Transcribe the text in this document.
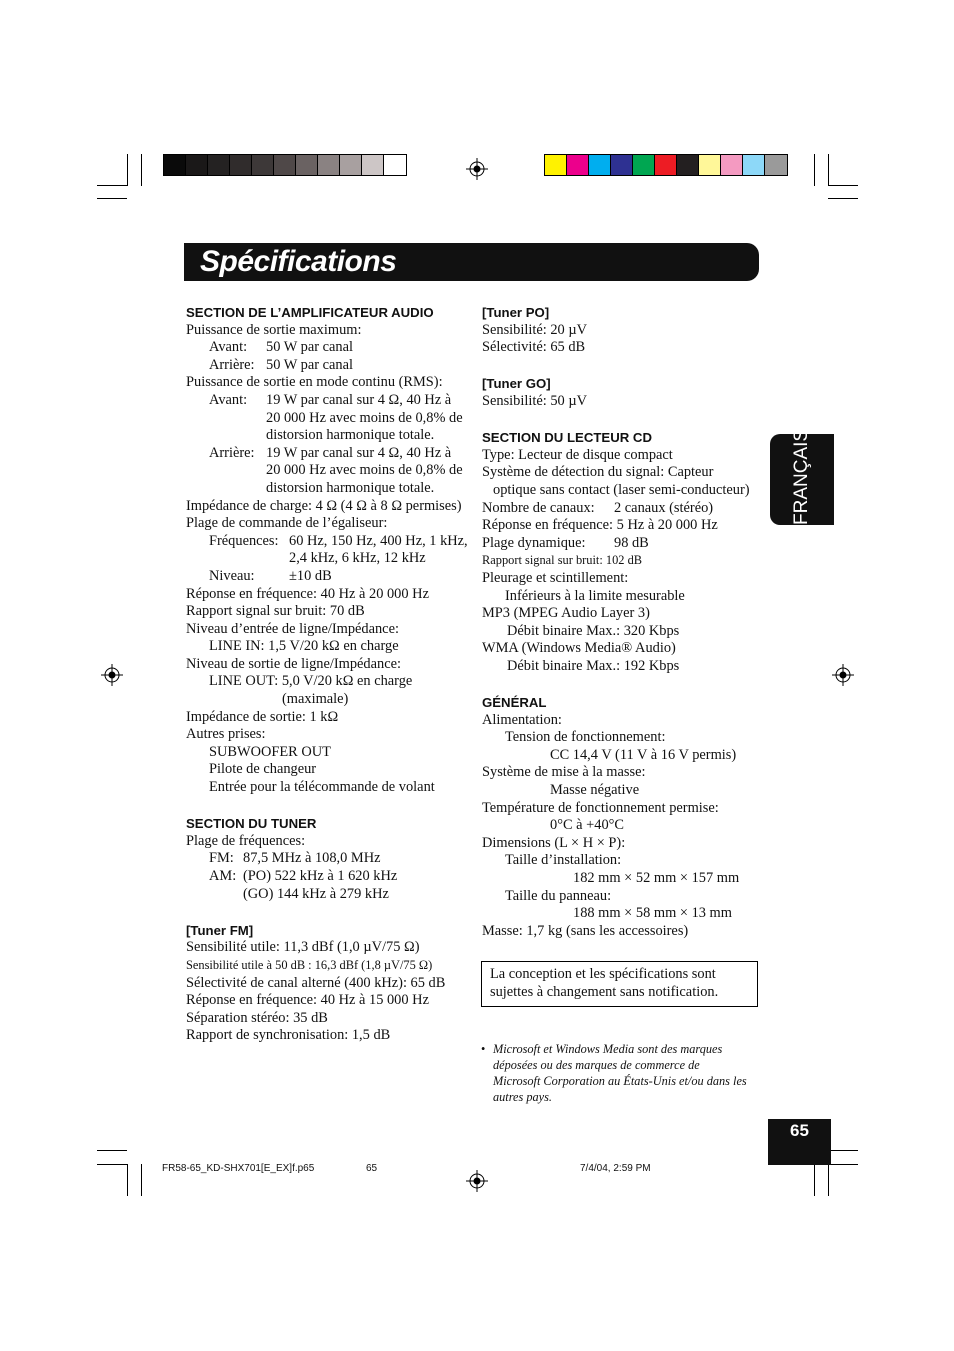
Spécifications
SECTION DE L’AMPLIFICATEUR AUDIO
Puissance de sortie maximum:
Avant: 50 W par canal
Arrière: 50 W par canal
Puissance de sortie en mode continu (RMS):
Avant: 19 W par canal sur 4 Ω, 40 Hz à
20 000 Hz avec moins de 0,8% de
distorsion harmonique totale.
Arrière: 19 W par canal sur 4 Ω, 40 Hz à
20 000 Hz avec moins de 0,8% de
distorsion harmonique totale.
Impédance de charge: 4 Ω (4 Ω à 8 Ω permises)
Plage de commande de l’égaliseur:
Fréquences: 60 Hz, 150 Hz, 400 Hz, 1 kHz,
2,4 kHz, 6 kHz, 12 kHz
Niveau: ±10 dB
Réponse en fréquence: 40 Hz à 20 000 Hz
Rapport signal sur bruit: 70 dB
Niveau d’entrée de ligne/Impédance:
LINE IN: 1,5 V/20 kΩ en charge
Niveau de sortie de ligne/Impédance:
LINE OUT: 5,0 V/20 kΩ en charge
(maximale)
Impédance de sortie: 1 kΩ
Autres prises:
SUBWOOFER OUT
Pilote de changeur
Entrée pour la télécommande de volant
SECTION DU TUNER
Plage de fréquences:
FM: 87,5 MHz à 108,0 MHz
AM: (PO) 522 kHz à 1 620 kHz
(GO) 144 kHz à 279 kHz
[Tuner FM]
Sensibilité utile: 11,3 dBf (1,0 µV/75 Ω)
Sensibilité utile à 50 dB : 16,3 dBf (1,8 µV/75 Ω)
Sélectivité de canal alterné (400 kHz): 65 dB
Réponse en fréquence: 40 Hz à 15 000 Hz
Séparation stéréo: 35 dB
Rapport de synchronisation: 1,5 dB
[Tuner PO]
Sensibilité: 20 µV
Sélectivité: 65 dB
[Tuner GO]
Sensibilité: 50 µV
SECTION DU LECTEUR CD
Type: Lecteur de disque compact
Système de détection du signal: Capteur
optique sans contact (laser semi-conducteur)
Nombre de canaux: 2 canaux (stéréo)
Réponse en fréquence: 5 Hz à 20 000 Hz
Plage dynamique: 98 dB
Rapport signal sur bruit: 102 dB
Pleurage et scintillement:
Inférieurs à la limite mesurable
MP3 (MPEG Audio Layer 3)
Débit binaire Max.: 320 Kbps
WMA (Windows Media® Audio)
Débit binaire Max.: 192 Kbps
GÉNÉRAL
Alimentation:
Tension de fonctionnement:
CC 14,4 V (11 V à 16 V permis)
Système de mise à la masse:
Masse négative
Température de fonctionnement permise:
0°C à +40°C
Dimensions (L × H × P):
Taille d’installation:
182 mm × 52 mm × 157 mm
Taille du panneau:
188 mm × 58 mm × 13 mm
Masse: 1,7 kg (sans les accessoires)
FRANÇAIS
La conception et les spécifications sont sujettes à changement sans notification.
• Microsoft et Windows Media sont des marques
déposées ou des marques de commerce de
Microsoft Corporation au États-Unis et/ou dans les
autres pays.
65
FR58-65_KD-SHX701[E_EX]f.p65	65	7/4/04, 2:59 PM
